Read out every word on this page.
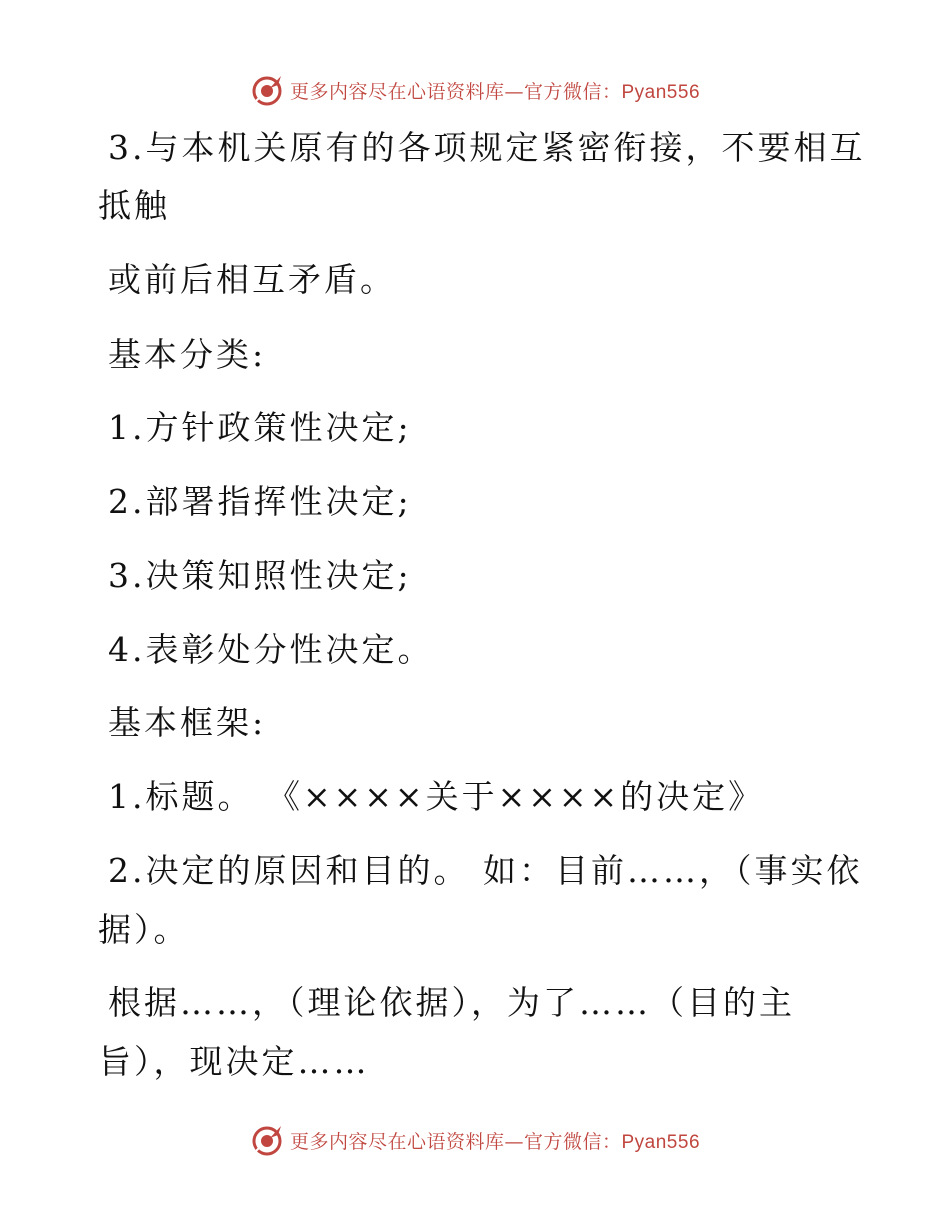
更多内容尽在心语资料库—官方微信：Pyan556
3.与本机关原有的各项规定紧密衔接，不要相互
抵触
或前后相互矛盾。
基本分类:
1.方针政策性决定;
2.部署指挥性决定;
3.决策知照性决定;
4.表彰处分性决定。
基本框架:
1.标题。 《××××关于××××的决定》
2.决定的原因和目的。 如：目前……，（事实依
据）。
根据……，（理论依据），为了……（目的主
旨），现决定……
更多内容尽在心语资料库—官方微信：Pyan556
